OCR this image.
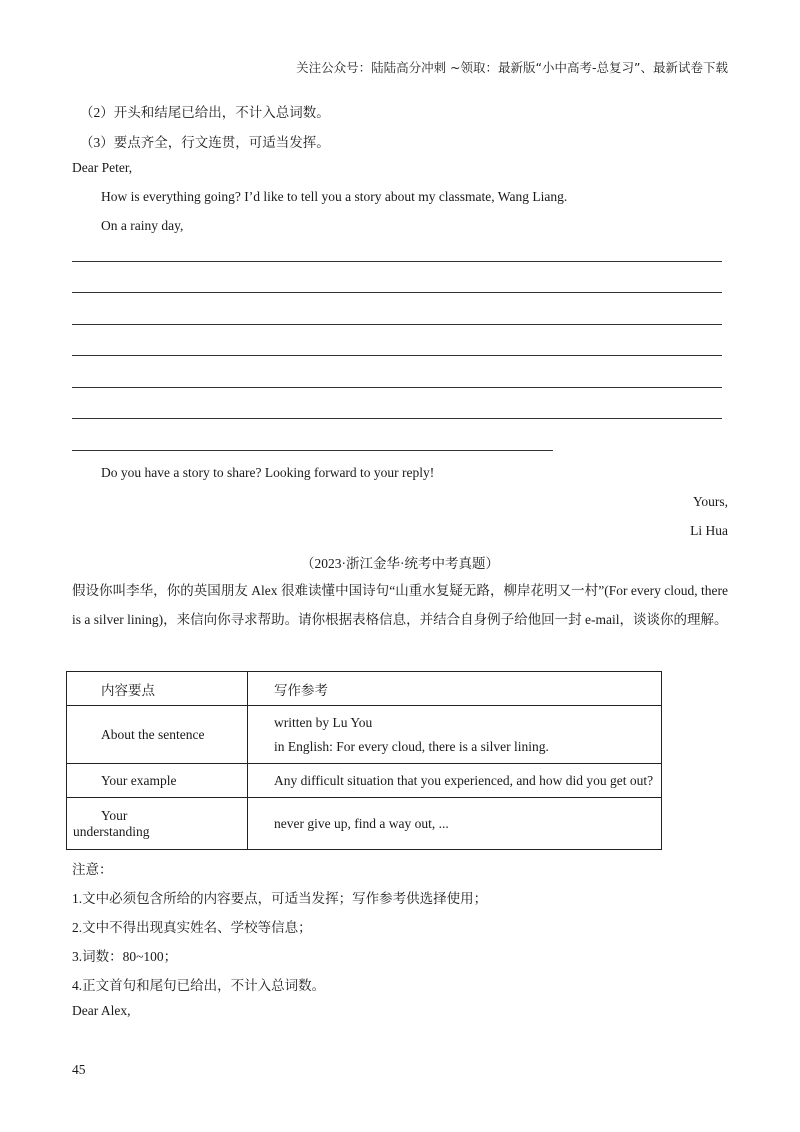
关注公众号：陆陆高分冲刺 ~领取：最新版“小中高考-总复习”、最新试卷下载
（2）开头和结尾已给出，不计入总词数。
（3）要点齐全，行文连贯，可适当发挥。
Dear Peter,
How is everything going? I’d like to tell you a story about my classmate, Wang Liang.
On a rainy day,
Do you have a story to share? Looking forward to your reply!
Yours,
Li Hua
（2023·浙江金华·统考中考真题）
假设你叫李华，你的英国朋友 Alex 很难读懂中国诗句“山重水复疑无路，柳岸花明又一村”(For every cloud, there is a silver lining)，来信向你寻求帮助。请你根据表格信息，并结合自身例子给他回一封 e-mail，谈谈你的理解。
内容要点	写作参考

About the sentence	written by Lu You
in English: For every cloud, there is a silver lining.

Your example	Any difficult situation that you experienced, and how did you get out?

Your
understanding	never give up, find a way out, ...
注意：
1.文中必须包含所给的内容要点，可适当发挥；写作参考供选择使用；
2.文中不得出现真实姓名、学校等信息；
3.词数：80~100；
4.正文首句和尾句已给出，不计入总词数。
Dear Alex,
45
